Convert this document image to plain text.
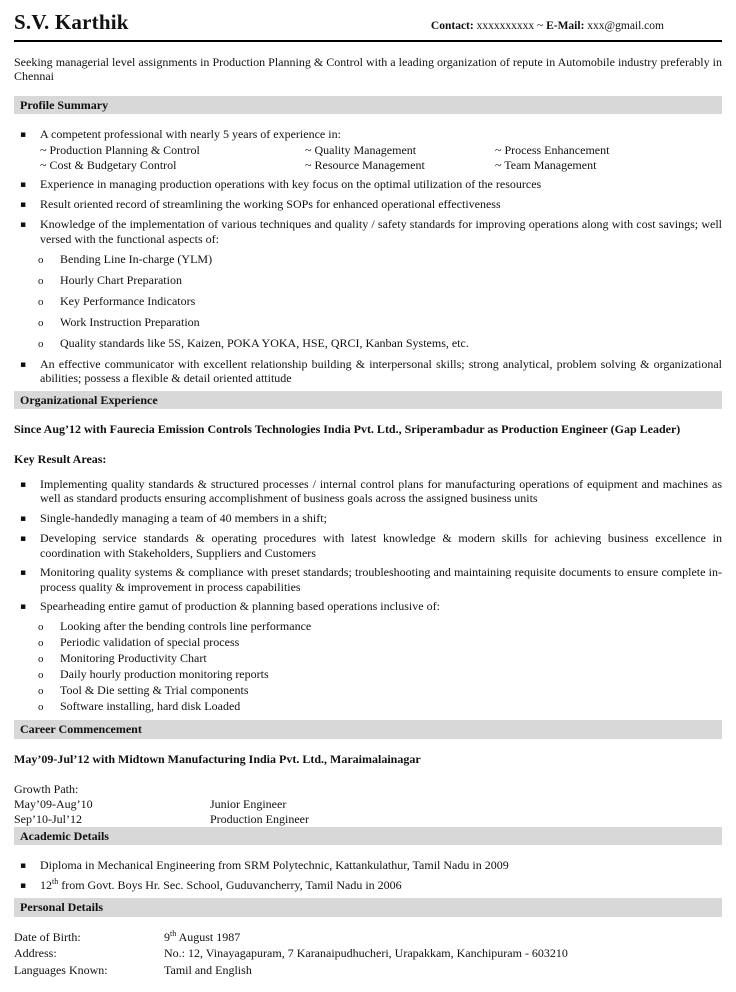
S.V. Karthik	Contact: xxxxxxxxxx ~ E-Mail: xxx@gmail.com

Seeking managerial level assignments in Production Planning & Control with a leading organization of repute in Automobile industry preferably in Chennai

Profile Summary
▪	A competent professional with nearly 5 years of experience in:
~ Production Planning & Control	~ Quality Management	~ Process Enhancement
~ Cost & Budgetary Control	~ Resource Management	~ Team Management
▪	Experience in managing production operations with key focus on the optimal utilization of the resources
▪	Result oriented record of streamlining the working SOPs for enhanced operational effectiveness
▪	Knowledge of the implementation of various techniques and quality / safety standards for improving operations along with cost savings; well versed with the functional aspects of:
o	Bending Line In-charge (YLM)
o	Hourly Chart Preparation
o	Key Performance Indicators
o	Work Instruction Preparation
o	Quality standards like 5S, Kaizen, POKA YOKA, HSE, QRCI, Kanban Systems, etc.
▪	An effective communicator with excellent relationship building & interpersonal skills; strong analytical, problem solving & organizational abilities; possess a flexible & detail oriented attitude
Organizational Experience

Since Aug’12 with Faurecia Emission Controls Technologies India Pvt. Ltd., Sriperambadur as Production Engineer (Gap Leader)

Key Result Areas:

▪	Implementing quality standards & structured processes / internal control plans for manufacturing operations of equipment and machines as well as standard products ensuring accomplishment of business goals across the assigned business units
▪	Single-handedly managing a team of 40 members in a shift;
▪	Developing service standards & operating procedures with latest knowledge & modern skills for achieving business excellence in coordination with Stakeholders, Suppliers and Customers
▪	Monitoring quality systems & compliance with preset standards; troubleshooting and maintaining requisite documents to ensure complete in-process quality & improvement in process capabilities
▪	Spearheading entire gamut of production & planning based operations inclusive of:
o	Looking after the bending controls line performance
o	Periodic validation of special process
o	Monitoring Productivity Chart
o	Daily hourly production monitoring reports
o	Tool & Die setting & Trial components
o	Software installing, hard disk Loaded
Career Commencement

May’09-Jul’12 with Midtown Manufacturing India Pvt. Ltd., Maraimalainagar

Growth Path:
May’09-Aug’10	Junior Engineer
Sep’10-Jul’12	Production Engineer
Academic Details
▪	Diploma in Mechanical Engineering from SRM Polytechnic, Kattankulathur, Tamil Nadu in 2009
▪	12th from Govt. Boys Hr. Sec. School, Guduvancherry, Tamil Nadu in 2006
Personal Details
Date of Birth:	9th August 1987
Address:	No.: 12, Vinayagapuram, 7 Karanaipudhucheri, Urapakkam, Kanchipuram - 603210
Languages Known:	Tamil and English
